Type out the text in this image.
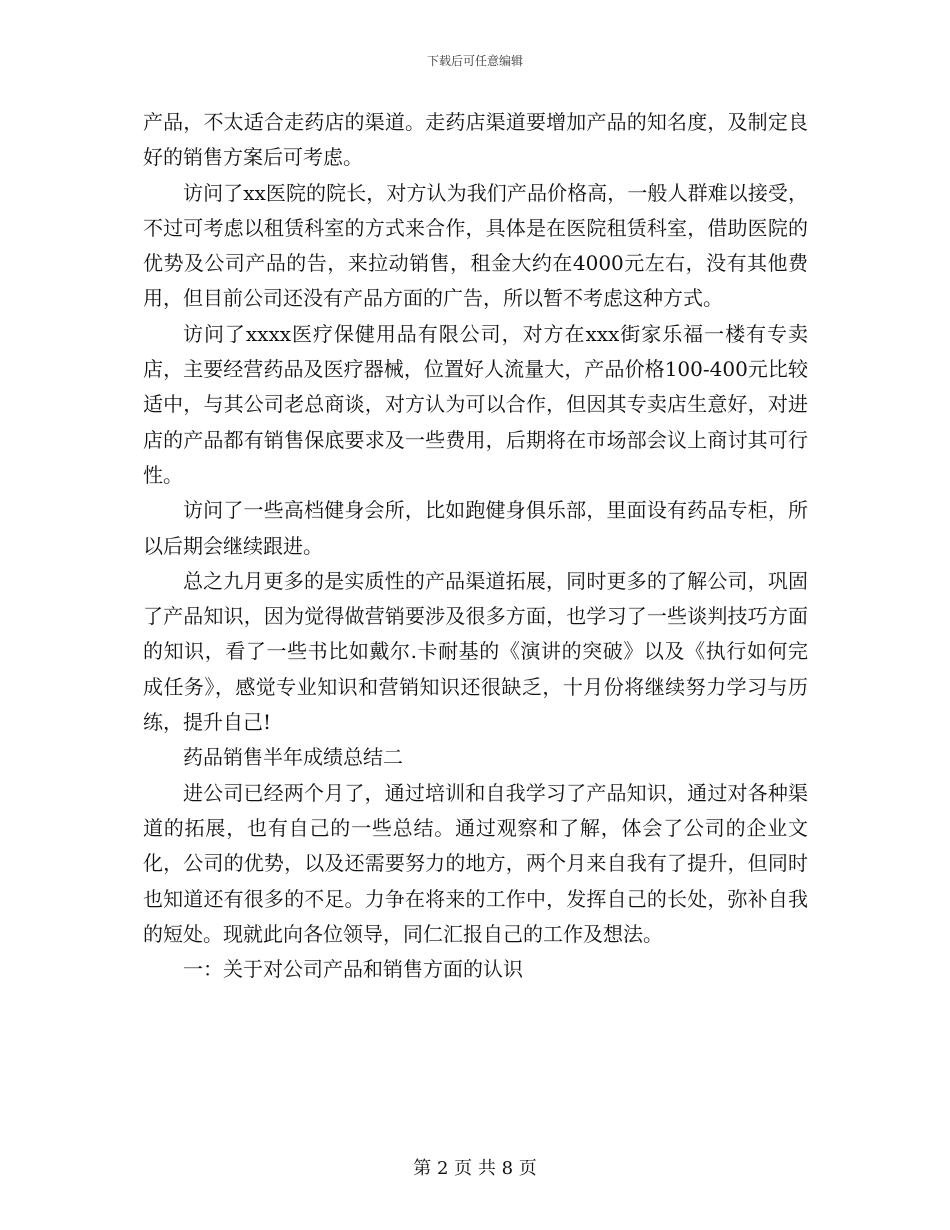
下载后可任意编辑

产品，不太适合走药店的渠道。走药店渠道要增加产品的知名度，及制定良好的销售方案后可考虑。

访问了xx医院的院长，对方认为我们产品价格高，一般人群难以接受，不过可考虑以租赁科室的方式来合作，具体是在医院租赁科室，借助医院的优势及公司产品的告，来拉动销售，租金大约在4000元左右，没有其他费用，但目前公司还没有产品方面的广告，所以暂不考虑这种方式。

访问了xxxx医疗保健用品有限公司，对方在xxx街家乐福一楼有专卖店，主要经营药品及医疗器械，位置好人流量大，产品价格100-400元比较适中，与其公司老总商谈，对方认为可以合作，但因其专卖店生意好，对进店的产品都有销售保底要求及一些费用，后期将在市场部会议上商讨其可行性。

访问了一些高档健身会所，比如跑健身俱乐部，里面设有药品专柜，所以后期会继续跟进。

总之九月更多的是实质性的产品渠道拓展，同时更多的了解公司，巩固了产品知识，因为觉得做营销要涉及很多方面，也学习了一些谈判技巧方面的知识，看了一些书比如戴尔.卡耐基的《演讲的突破》以及《执行如何完成任务》，感觉专业知识和营销知识还很缺乏，十月份将继续努力学习与历练，提升自己!

药品销售半年成绩总结二

进公司已经两个月了，通过培训和自我学习了产品知识，通过对各种渠道的拓展，也有自己的一些总结。通过观察和了解，体会了公司的企业文化，公司的优势，以及还需要努力的地方，两个月来自我有了提升，但同时也知道还有很多的不足。力争在将来的工作中，发挥自己的长处，弥补自我的短处。现就此向各位领导，同仁汇报自己的工作及想法。

一：关于对公司产品和销售方面的认识

第 2 页 共 8 页
